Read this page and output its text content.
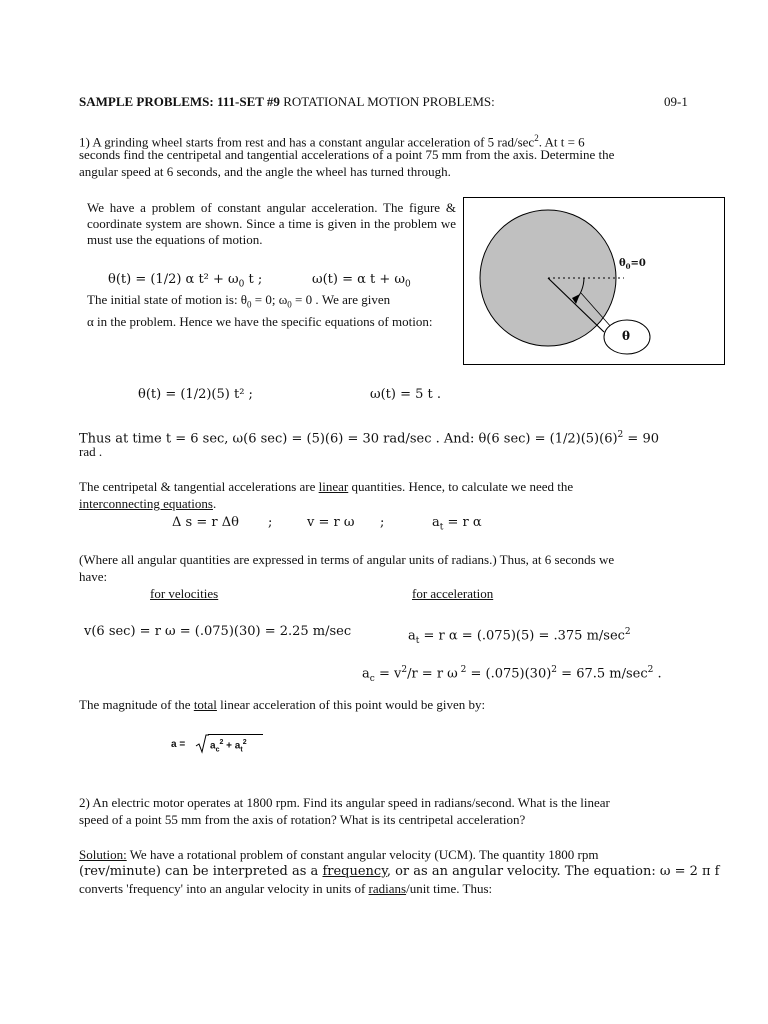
SAMPLE PROBLEMS: 111-SET #9 ROTATIONAL MOTION PROBLEMS:	09-1
1) A grinding wheel starts from rest and has a constant angular acceleration of 5 rad/$\sec^2$. At t = 6
seconds find the centripetal and tangential accelerations of a point 75 mm from the axis. Determine the
angular speed at 6 seconds, and the angle the wheel has turned through.
We have a problem of constant angular acceleration. The figure & coordinate system are shown. Since a time is given in the problem we must use the equations of motion.
$\theta_0=0$
θ
θ(t) = (1/2) α $t^2 + \omega_0$ t ;	ω(t) = α $t + \omega_0$
The initial state of motion is: $\theta_0 = 0$; $\omega_0 = 0$ . We are given
α in the problem. Hence we have the specific equations of motion:
θ(t) = (1/2)(5) t² ;	ω(t) = 5 t .
Thus at time t = 6 sec, ω(6 sec) = (5)(6) = 30 rad/sec . And: θ(6 $\sec) = (1/2)(5)(6)^2 = 90$
rad .
The centripetal & tangential accelerations are linear quantities. Hence, to calculate we need the
interconnecting equations.
Δ s = r Δθ ;	v = r ω ;	$a_t = r$ α
(Where all angular quantities are expressed in terms of angular units of radians.) Thus, at 6 seconds we
have:
for velocities	for acceleration
v(6 sec) = r ω = (.075)(30) = 2.25 m/sec	$a_t = r$ α = (.075)(5) = .375 $m/\sec^2$
$a_c = v^2/r = r$ ω $^2 = (.075)(30)^2 = 67.5$ $m/\sec^2$ .
The magnitude of the total linear acceleration of this point would be given by:
$a = a_c^2 + a_t^2$
2) An electric motor operates at 1800 rpm. Find its angular speed in radians/second. What is the linear
speed of a point 55 mm from the axis of rotation? What is its centripetal acceleration?
Solution: We have a rotational problem of constant angular velocity (UCM). The quantity 1800 rpm
(rev/minute) can be interpreted as a frequency, or as an angular velocity. The equation: ω = 2 π f
converts 'frequency' into an angular velocity in units of radians/unit time. Thus:
